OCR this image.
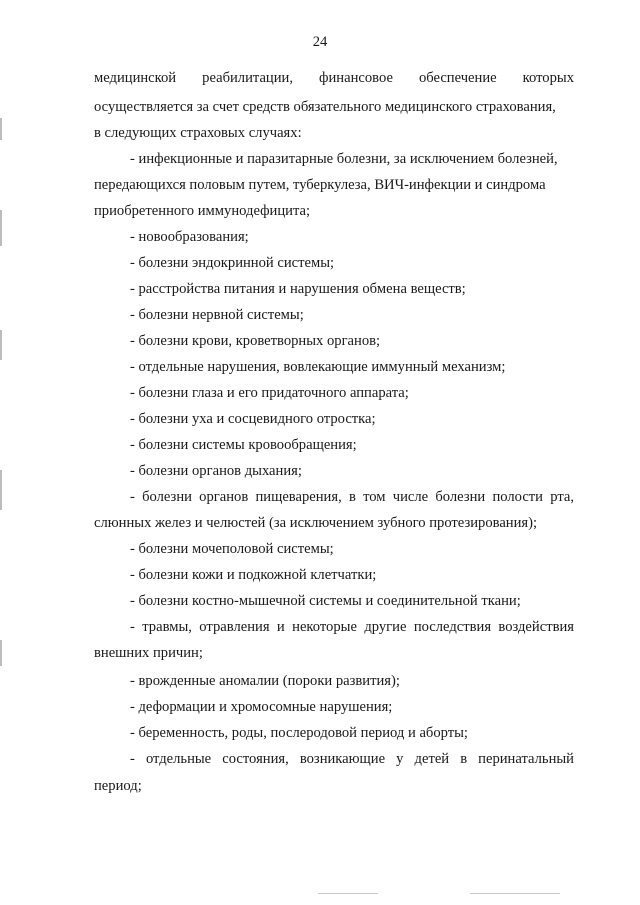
24
медицинской реабилитации, финансовое обеспечение которых
осуществляется за счет средств обязательного медицинского страхования,
в следующих страховых случаях:
- инфекционные и паразитарные болезни, за исключением болезней,
передающихся половым путем, туберкулеза, ВИЧ-инфекции и синдрома
приобретенного иммунодефицита;
- новообразования;
- болезни эндокринной системы;
- расстройства питания и нарушения обмена веществ;
- болезни нервной системы;
- болезни крови, кроветворных органов;
- отдельные нарушения, вовлекающие иммунный механизм;
- болезни глаза и его придаточного аппарата;
- болезни уха и сосцевидного отростка;
- болезни системы кровообращения;
- болезни органов дыхания;
- болезни органов пищеварения, в том числе болезни полости рта,
слюнных желез и челюстей (за исключением зубного протезирования);
- болезни мочеполовой системы;
- болезни кожи и подкожной клетчатки;
- болезни костно-мышечной системы и соединительной ткани;
- травмы, отравления и некоторые другие последствия воздействия
внешних причин;
- врожденные аномалии (пороки развития);
- деформации и хромосомные нарушения;
- беременность, роды, послеродовой период и аборты;
- отдельные состояния, возникающие у детей в перинатальный
период;
